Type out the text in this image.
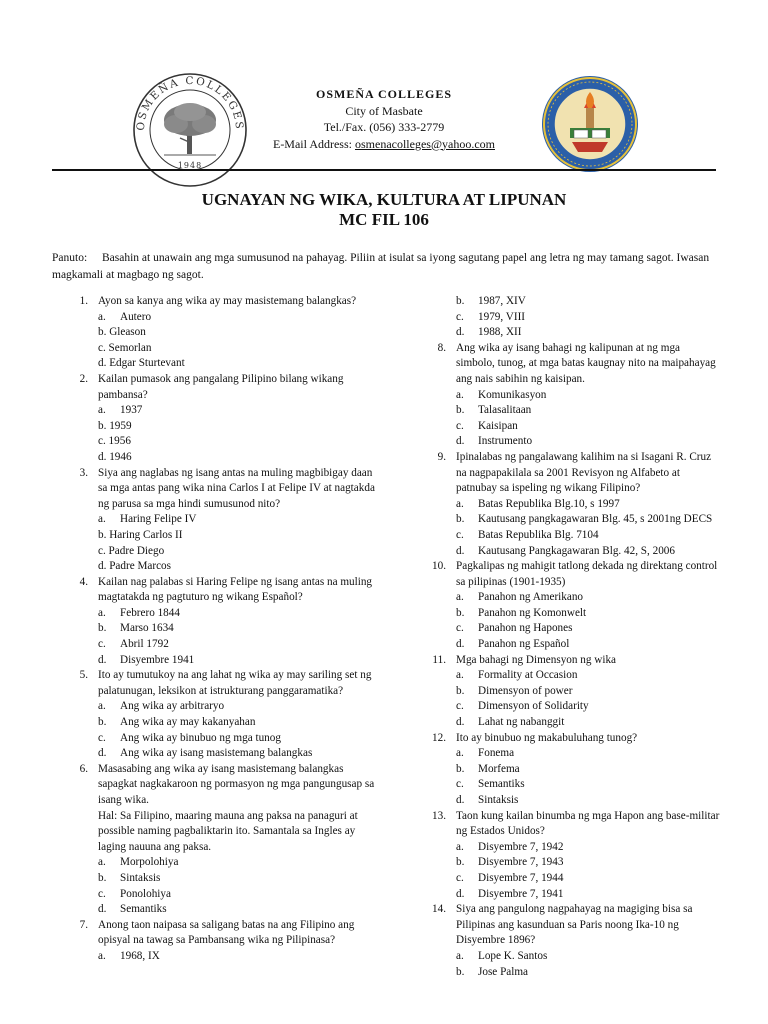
OSMEÑA COLLEGES
1948
OSMEÑA COLLEGES
City of Masbate
Tel./Fax. (056) 333-2779
E-Mail Address: osmenacolleges@yahoo.com
UGNAYAN NG WIKA, KULTURA AT LIPUNAN
MC FIL 106
Panuto: Basahin at unawain ang mga sumusunod na pahayag. Piliin at isulat sa iyong sagutang papel ang letra ng may tamang sagot. Iwasan magkamali at magbago ng sagot.
1. Ayon sa kanya ang wika ay may masistemang balangkas?
a.	Autero
b. Gleason
c. Semorlan
d. Edgar Sturtevant
2. Kailan pumasok ang pangalang Pilipino bilang wikang pambansa?
a.	1937
b. 1959
c. 1956
d. 1946
3. Siya ang naglabas ng isang antas na muling magbibigay daan sa mga antas pang wika nina Carlos I at Felipe IV at nagtakda ng parusa sa mga hindi sumusunod nito?
a.	Haring Felipe IV
b. Haring Carlos II
c. Padre Diego
d. Padre Marcos
4. Kailan nag palabas si Haring Felipe ng isang antas na muling magtatakda ng pagtuturo ng wikang Español?
a.	Febrero 1844
b.	Marso 1634
c.	Abril 1792
d.	Disyembre 1941
5. Ito ay tumutukoy na ang lahat ng wika ay may sariling set ng palatunugan, leksikon at istrukturang panggaramatika?
a.	Ang wika ay arbitraryo
b.	Ang wika ay may kakanyahan
c.	Ang wika ay binubuo ng mga tunog
d.	Ang wika ay isang masistemang balangkas
6. Masasabing ang wika ay isang masistemang balangkas sapagkat nagkakaroon ng pormasyon ng mga pangungusap sa isang wika.
Hal: Sa Filipino, maaring mauna ang paksa na panaguri at possible naming pagbaliktarin ito. Samantala sa Ingles ay laging nauuna ang paksa.
a.	Morpolohiya
b.	Sintaksis
c.	Ponolohiya
d.	Semantiks
7. Anong taon naipasa sa saligang batas na ang Filipino ang opisyal na tawag sa Pambansang wika ng Pilipinasa?
a.	1968, IX
b.	1987, XIV
c.	1979, VIII
d.	1988, XII
8. Ang wika ay isang bahagi ng kalipunan at ng mga simbolo, tunog, at mga batas kaugnay nito na maipahayag ang nais sabihin ng kaisipan.
a.	Komunikasyon
b.	Talasalitaan
c.	Kaisipan
d.	Instrumento
9. Ipinalabas ng pangalawang kalihim na si Isagani R. Cruz na nagpapakilala sa 2001 Revisyon ng Alfabeto at patnubay sa ispeling ng wikang Filipino?
a.	Batas Republika Blg.10, s 1997
b.	Kautusang pangkagawaran Blg. 45, s 2001ng DECS
c.	Batas Republika Blg. 7104
d.	Kautusang Pangkagawaran Blg. 42, S, 2006
10. Pagkalipas ng mahigit tatlong dekada ng direktang control sa pilipinas (1901-1935)
a.	Panahon ng Amerikano
b.	Panahon ng Komonwelt
c.	Panahon ng Hapones
d.	Panahon ng Español
11. Mga bahagi ng Dimensyon ng wika
a.	Formality at Occasion
b.	Dimensyon of power
c.	Dimensyon of Solidarity
d.	Lahat ng nabanggit
12. Ito ay binubuo ng makabuluhang tunog?
a.	Fonema
b.	Morfema
c.	Semantiks
d.	Sintaksis
13. Taon kung kailan binumba ng mga Hapon ang base-militar ng Estados Unidos?
a.	Disyembre 7, 1942
b.	Disyembre 7, 1943
c.	Disyembre 7, 1944
d.	Disyembre 7, 1941
14. Siya ang pangulong nagpahayag na magiging bisa sa Pilipinas ang kasunduan sa Paris noong Ika-10 ng Disyembre 1896?
a.	Lope K. Santos
b.	Jose Palma
